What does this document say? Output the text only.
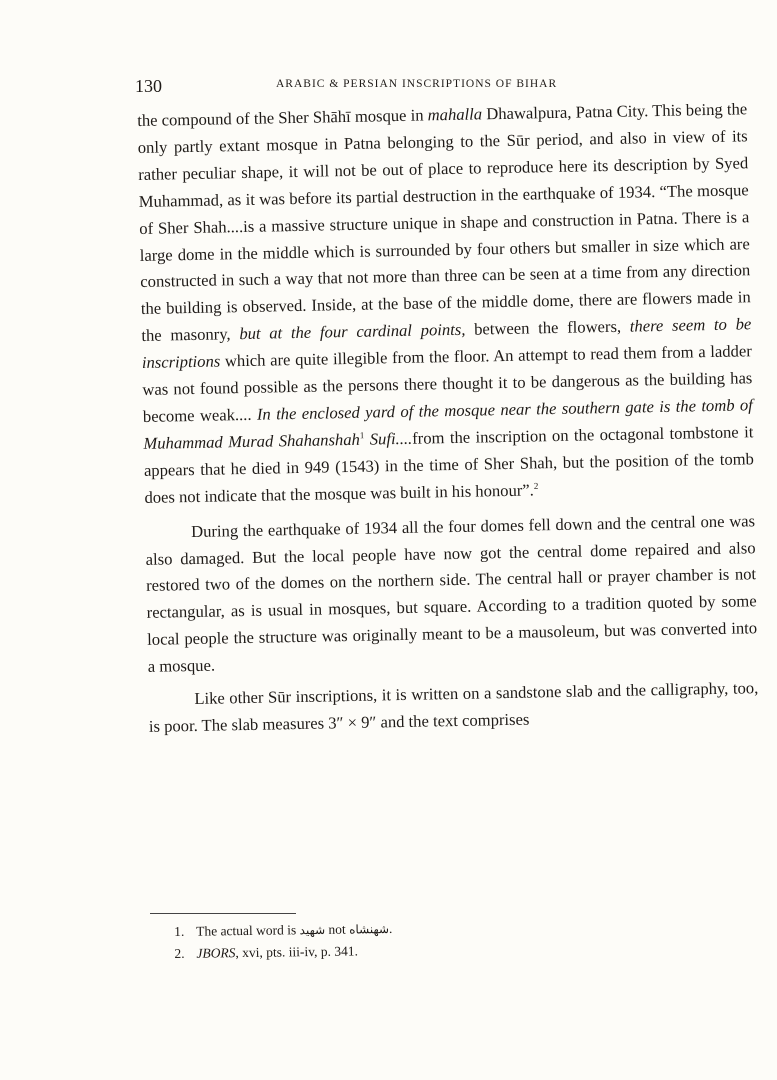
130	ARABIC & PERSIAN INSCRIPTIONS OF BIHAR

the compound of the Sher Shāhī mosque in mahalla Dhawalpura, Patna City. This being the only partly extant mosque in Patna belonging to the Sūr period, and also in view of its rather peculiar shape, it will not be out of place to reproduce here its description by Syed Muhammad, as it was before its partial destruction in the earthquake of 1934. “The mosque of Sher Shah....is a massive structure unique in shape and construction in Patna. There is a large dome in the middle which is surrounded by four others but smaller in size which are constructed in such a way that not more than three can be seen at a time from any direction the building is observed. Inside, at the base of the middle dome, there are flowers made in the masonry, but at the four cardinal points, between the flowers, there seem to be inscriptions which are quite illegible from the floor. An attempt to read them from a ladder was not found possible as the persons there thought it to be dangerous as the building has become weak.... In the enclosed yard of the mosque near the southern gate is the tomb of Muhammad Murad Shahanshah$^1$ Sufi....from the inscription on the octagonal tombstone it appears that he died in 949 (1543) in the time of Sher Shah, but the position of the tomb does not indicate that the mosque was built in his honour”.$^2$

During the earthquake of 1934 all the four domes fell down and the central one was also damaged. But the local people have now got the central dome repaired and also restored two of the domes on the northern side. The central hall or prayer chamber is not rectangular, as is usual in mosques, but square. According to a tradition quoted by some local people the structure was originally meant to be a mausoleum, but was converted into a mosque.

Like other Sūr inscriptions, it is written on a sandstone slab and the calligraphy, too, is poor. The slab measures 3″ × 9″ and the text comprises

1. The actual word is شهید not شهنشاه.
2. JBORS, xvi, pts. iii-iv, p. 341.
